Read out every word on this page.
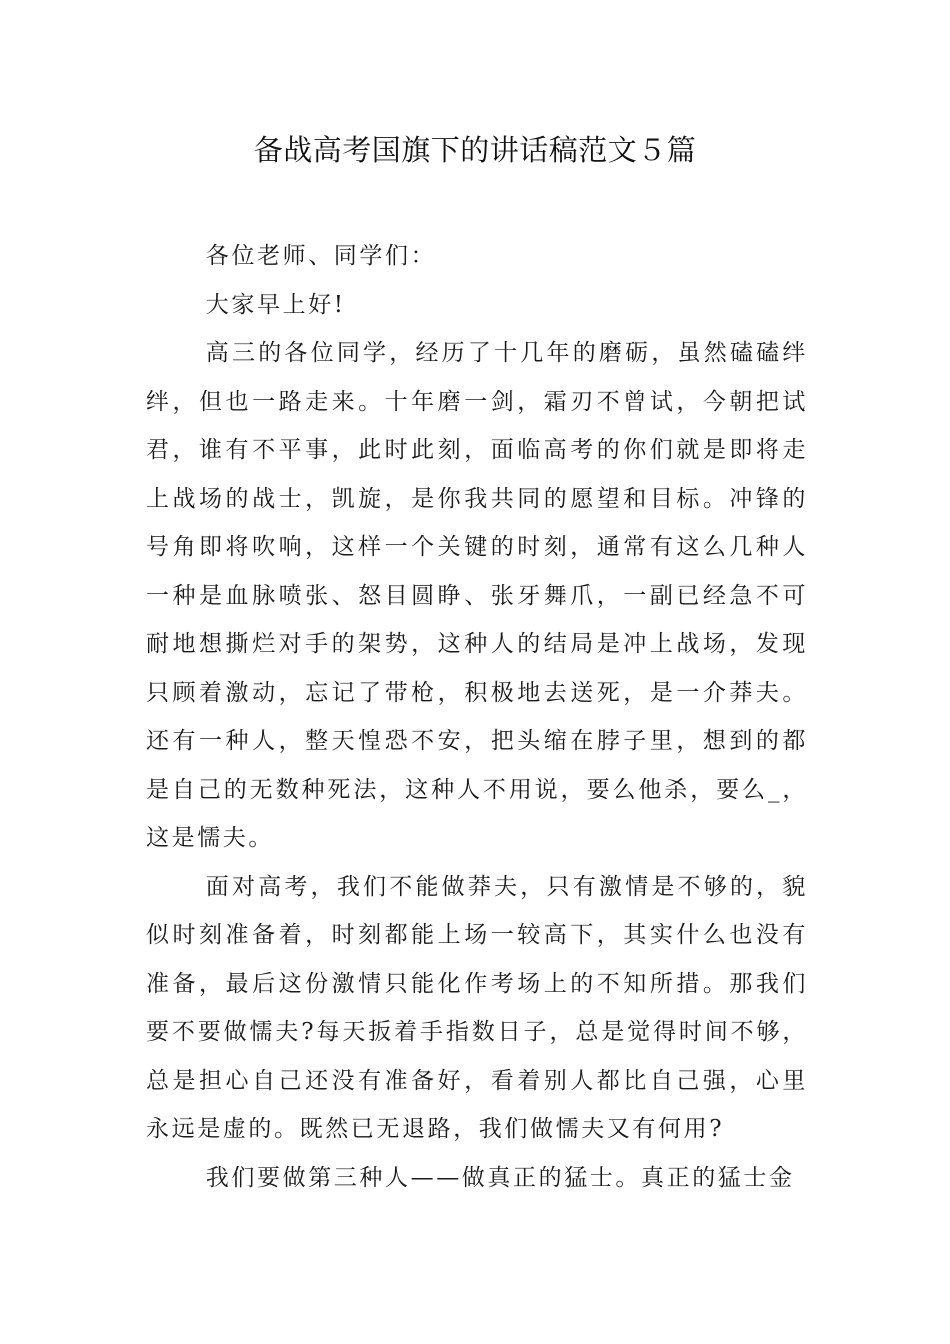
备战高考国旗下的讲话稿范文５篇

各位老师、同学们：

大家早上好!

高三的各位同学，经历了十几年的磨砺，虽然磕磕绊绊，但也一路走来。十年磨一剑，霜刃不曾试，今朝把试君，谁有不平事，此时此刻，面临高考的你们就是即将走上战场的战士，凯旋，是你我共同的愿望和目标。冲锋的号角即将吹响，这样一个关键的时刻，通常有这么几种人一种是血脉喷张、怒目圆睁、张牙舞爪，一副已经急不可耐地想撕烂对手的架势，这种人的结局是冲上战场，发现只顾着激动，忘记了带枪，积极地去送死，是一介莽夫。还有一种人，整天惶恐不安，把头缩在脖子里，想到的都是自己的无数种死法，这种人不用说，要么他杀，要么_，这是懦夫。

面对高考，我们不能做莽夫，只有激情是不够的，貌似时刻准备着，时刻都能上场一较高下，其实什么也没有准备，最后这份激情只能化作考场上的不知所措。那我们要不要做懦夫?每天扳着手指数日子，总是觉得时间不够，总是担心自己还没有准备好，看着别人都比自己强，心里永远是虚的。既然已无退路，我们做懦夫又有何用?

我们要做第三种人——做真正的猛士。真正的猛士金
